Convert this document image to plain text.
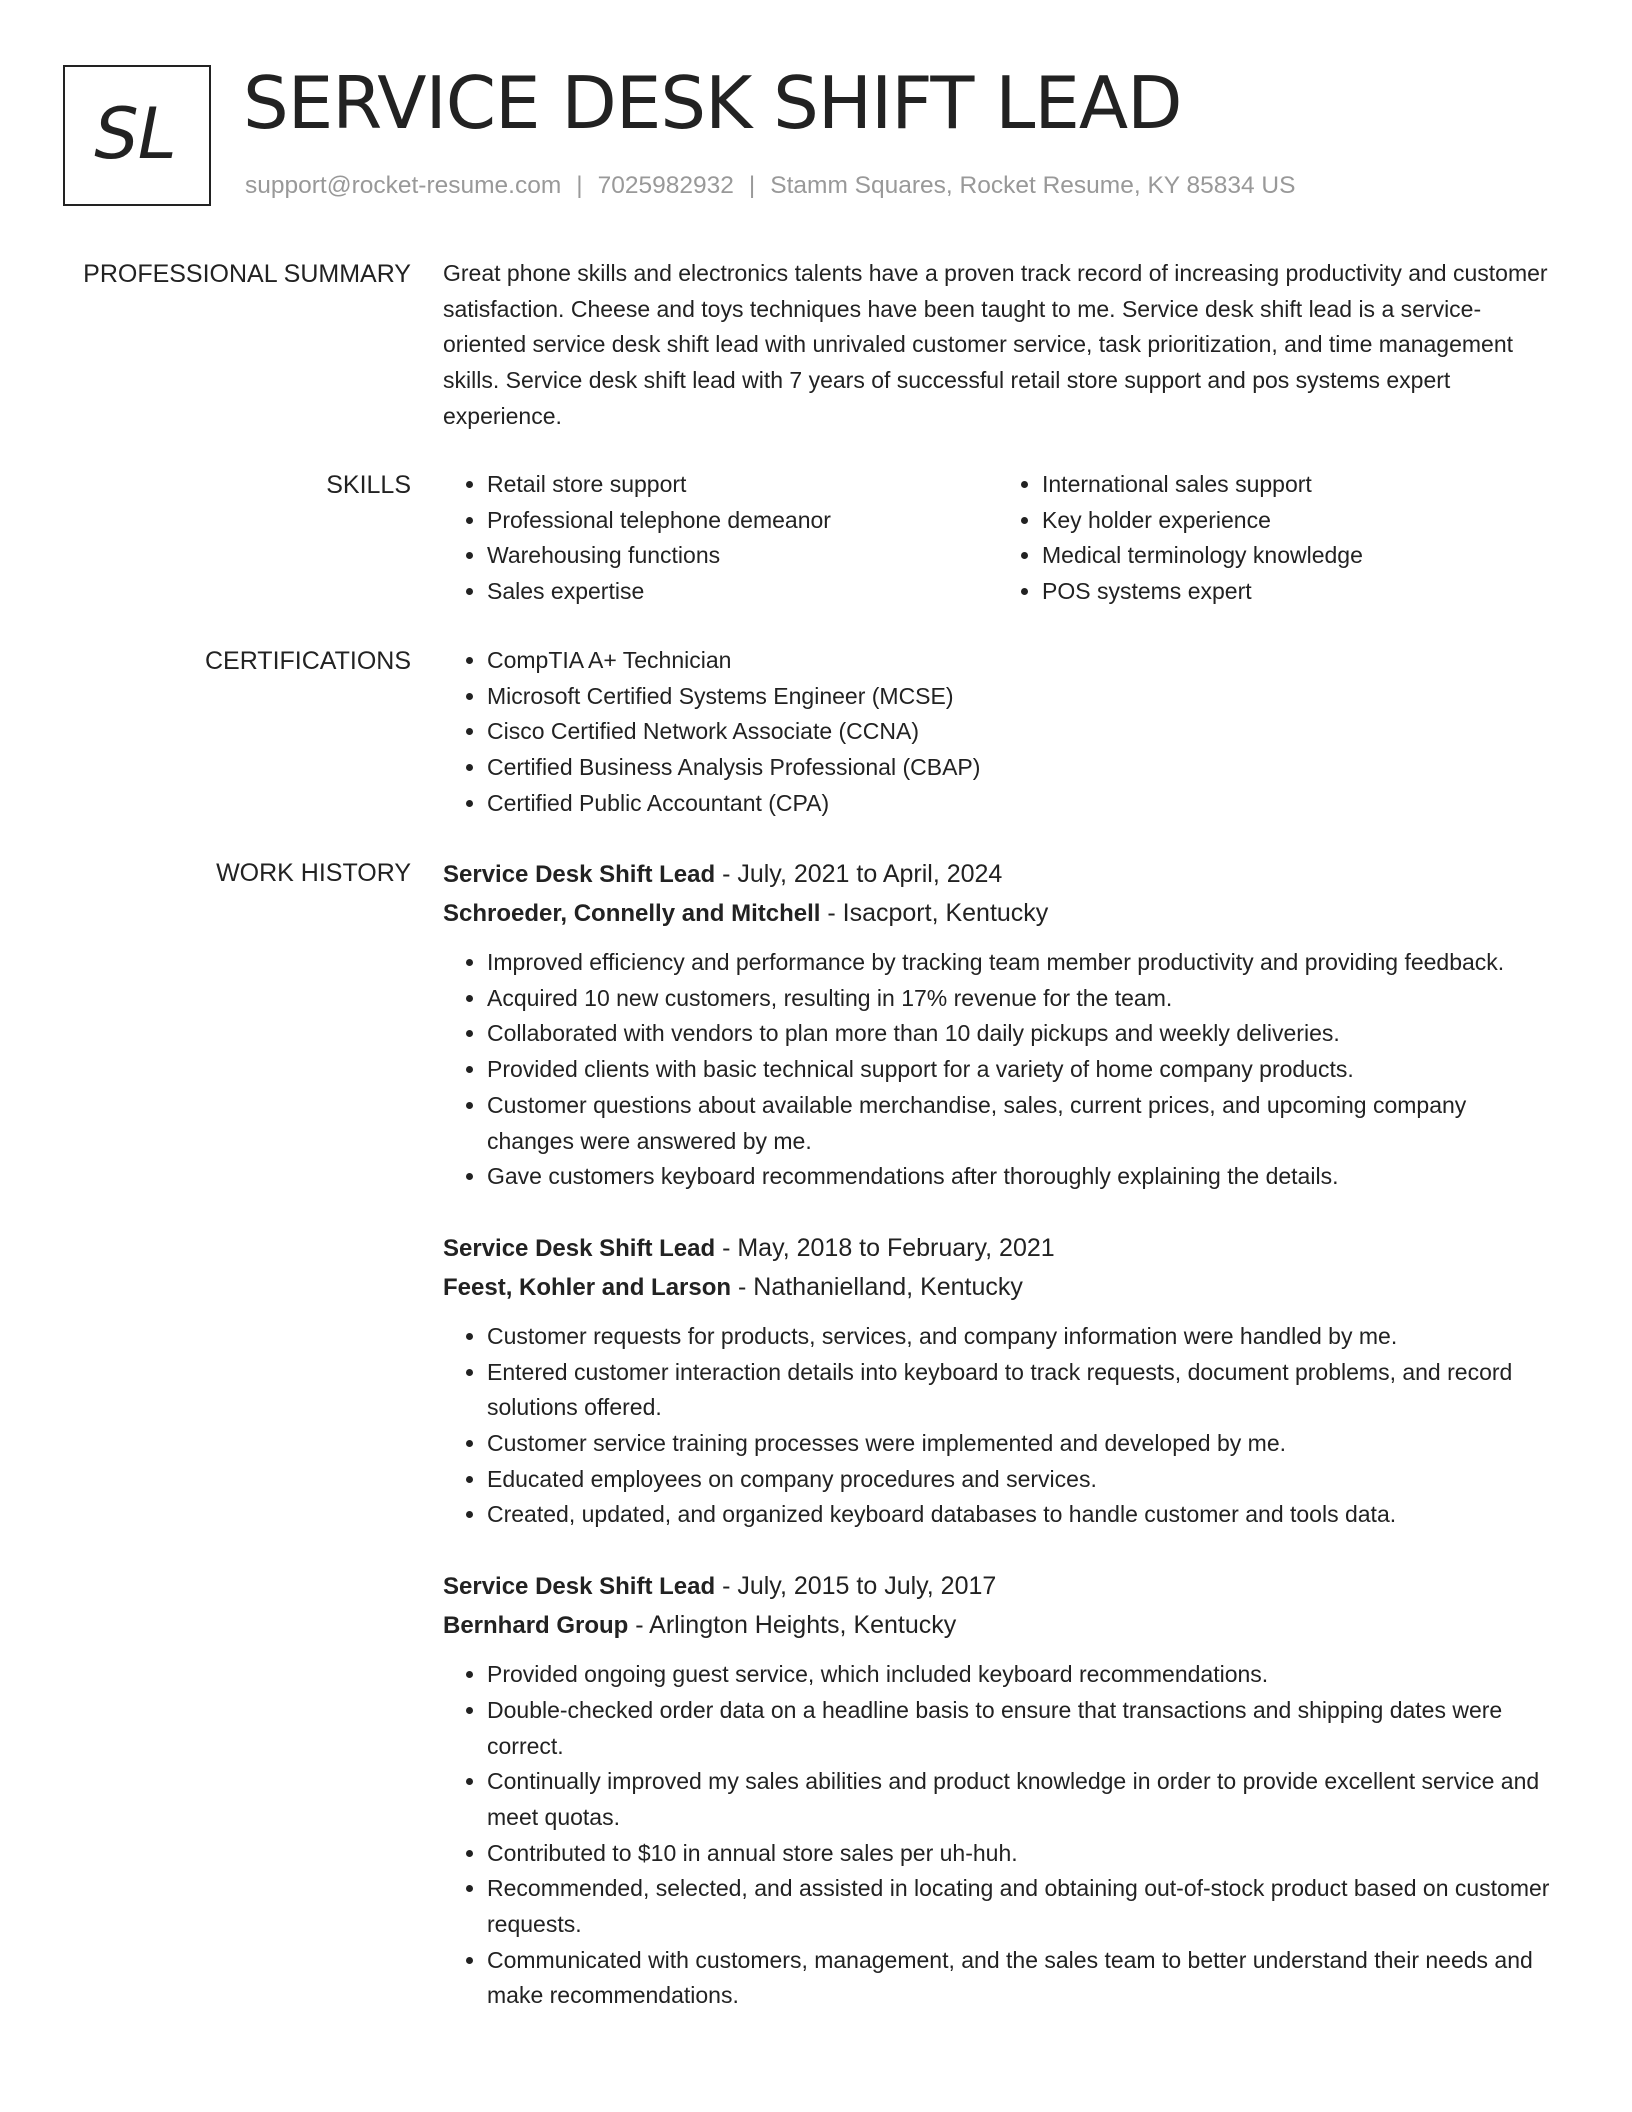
SL SERVICE DESK SHIFT LEAD
support@rocket-resume.com | 7025982932 | Stamm Squares, Rocket Resume, KY 85834 US
PROFESSIONAL SUMMARY Great phone skills and electronics talents have a proven track record of increasing productivity and customer satisfaction. Cheese and toys techniques have been taught to me. Service desk shift lead is a service-oriented service desk shift lead with unrivaled customer service, task prioritization, and time management skills. Service desk shift lead with 7 years of successful retail store support and pos systems expert experience.

SKILLS	• Retail store support
• Professional telephone demeanor
• Warehousing functions
• Sales expertise
• International sales support
• Key holder experience
• Medical terminology knowledge
• POS systems expert
CERTIFICATIONS	• CompTIA A+ Technician
• Microsoft Certified Systems Engineer (MCSE)
• Cisco Certified Network Associate (CCNA)
• Certified Business Analysis Professional (CBAP)
• Certified Public Accountant (CPA)
WORK HISTORY Service Desk Shift Lead - July, 2021 to April, 2024
Schroeder, Connelly and Mitchell - Isacport, Kentucky
• Improved efficiency and performance by tracking team member productivity and providing feedback.
• Acquired 10 new customers, resulting in 17% revenue for the team.
• Collaborated with vendors to plan more than 10 daily pickups and weekly deliveries.
• Provided clients with basic technical support for a variety of home company products.
• Customer questions about available merchandise, sales, current prices, and upcoming company changes were answered by me.
• Gave customers keyboard recommendations after thoroughly explaining the details.
Service Desk Shift Lead - May, 2018 to February, 2021
Feest, Kohler and Larson - Nathanielland, Kentucky
• Customer requests for products, services, and company information were handled by me.
• Entered customer interaction details into keyboard to track requests, document problems, and record solutions offered.
• Customer service training processes were implemented and developed by me.
• Educated employees on company procedures and services.
• Created, updated, and organized keyboard databases to handle customer and tools data.
Service Desk Shift Lead - July, 2015 to July, 2017
Bernhard Group - Arlington Heights, Kentucky
• Provided ongoing guest service, which included keyboard recommendations.
• Double-checked order data on a headline basis to ensure that transactions and shipping dates were correct.
• Continually improved my sales abilities and product knowledge in order to provide excellent service and meet quotas.
• Contributed to $10 in annual store sales per uh-huh.
• Recommended, selected, and assisted in locating and obtaining out-of-stock product based on customer requests.
• Communicated with customers, management, and the sales team to better understand their needs and make recommendations.
